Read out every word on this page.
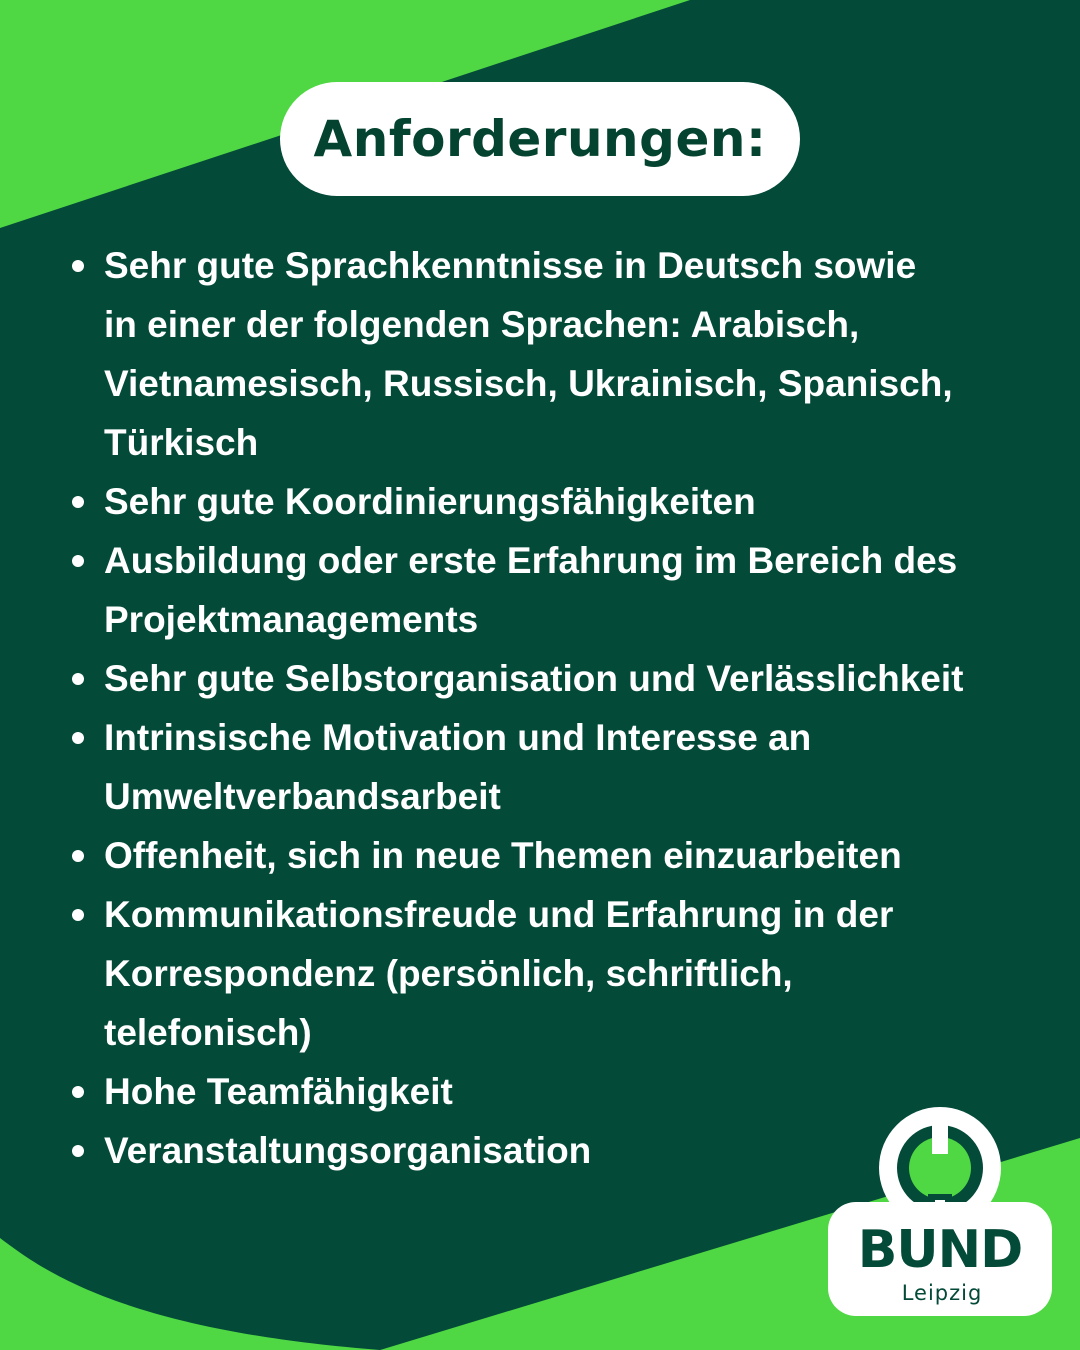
Anforderungen:
Sehr gute Sprachkenntnisse in Deutsch sowie
in einer der folgenden Sprachen: Arabisch,
Vietnamesisch, Russisch, Ukrainisch, Spanisch,
Türkisch
Sehr gute Koordinierungsfähigkeiten
Ausbildung oder erste Erfahrung im Bereich des
Projektmanagements
Sehr gute Selbstorganisation und Verlässlichkeit
Intrinsische Motivation und Interesse an
Umweltverbandsarbeit
Offenheit, sich in neue Themen einzuarbeiten
Kommunikationsfreude und Erfahrung in der
Korrespondenz (persönlich, schriftlich,
telefonisch)
Hohe Teamfähigkeit
Veranstaltungsorganisation
BUND
Leipzig
